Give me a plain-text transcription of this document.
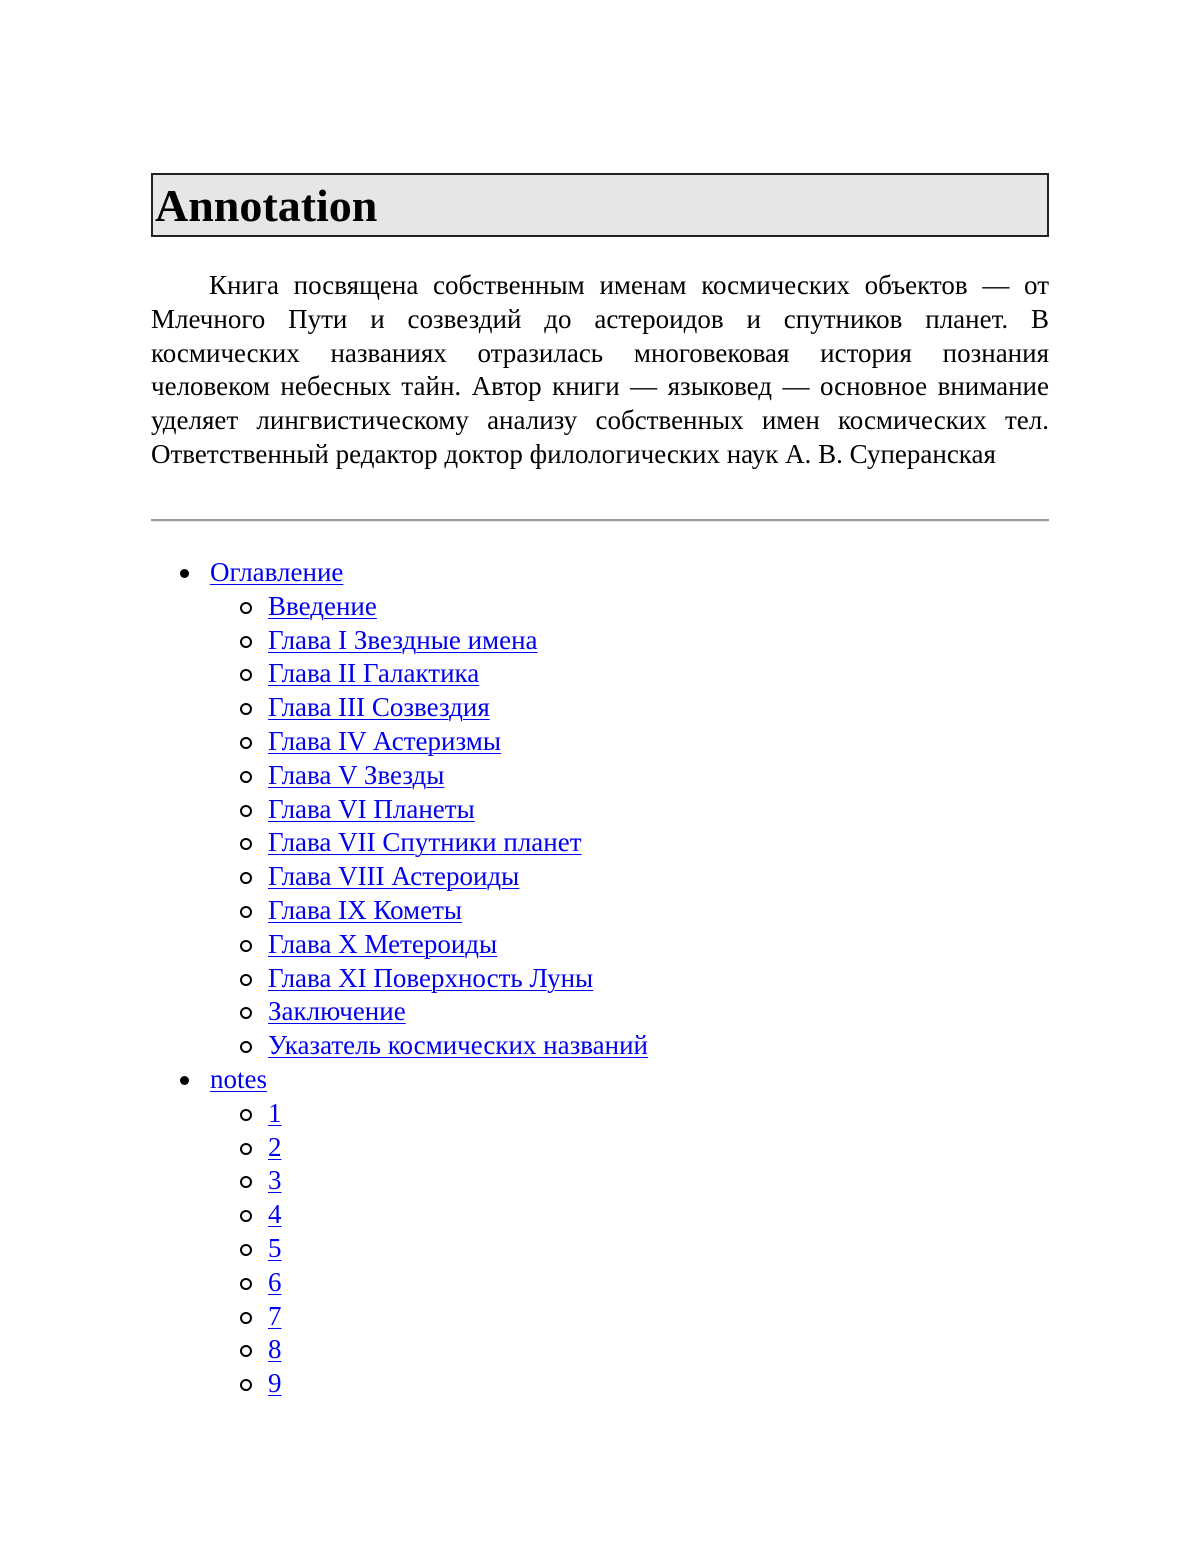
Annotation

Книга посвящена собственным именам космических объектов — от Млечного Пути и созвездий до астероидов и спутников планет. В космических названиях отразилась многовековая история познания человеком небесных тайн. Автор книги — языковед — основное внимание уделяет лингвистическому анализу собственных имен космических тел. Ответственный редактор доктор филологических наук А. В. Суперанская

Оглавление
Введение
Глава I Звездные имена
Глава II Галактика
Глава III Созвездия
Глава IV Астеризмы
Глава V Звезды
Глава VI Планеты
Глава VII Спутники планет
Глава VIII Астероиды
Глава IX Кометы
Глава X Метероиды
Глава XI Поверхность Луны
Заключение
Указатель космических названий
notes
1
2
3
4
5
6
7
8
9
